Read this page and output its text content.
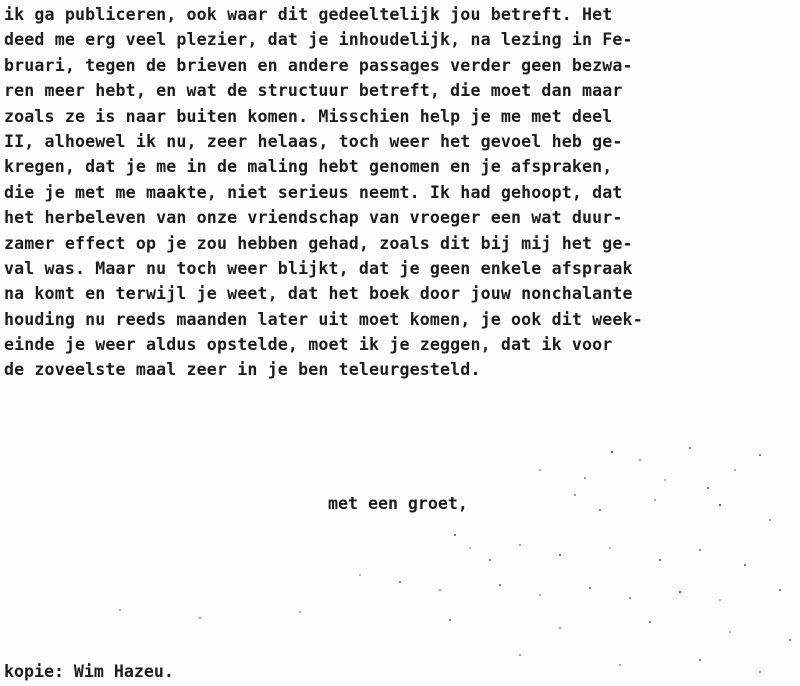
ik ga publiceren, ook waar dit gedeeltelijk jou betreft. Het
deed me erg veel plezier, dat je inhoudelijk, na lezing in Fe-
bruari, tegen de brieven en andere passages verder geen bezwa-
ren meer hebt, en wat de structuur betreft, die moet dan maar
zoals ze is naar buiten komen. Misschien help je me met deel
II, alhoewel ik nu, zeer helaas, toch weer het gevoel heb ge-
kregen, dat je me in de maling hebt genomen en je afspraken,
die je met me maakte, niet serieus neemt. Ik had gehoopt, dat
het herbeleven van onze vriendschap van vroeger een wat duur-
zamer effect op je zou hebben gehad, zoals dit bij mij het ge-
val was. Maar nu toch weer blijkt, dat je geen enkele afspraak
na komt en terwijl je weet, dat het boek door jouw nonchalante
houding nu reeds maanden later uit moet komen, je ook dit week-
einde je weer aldus opstelde, moet ik je zeggen, dat ik voor
de zoveelste maal zeer in je ben teleurgesteld.
met een groet,
kopie: Wim Hazeu.
